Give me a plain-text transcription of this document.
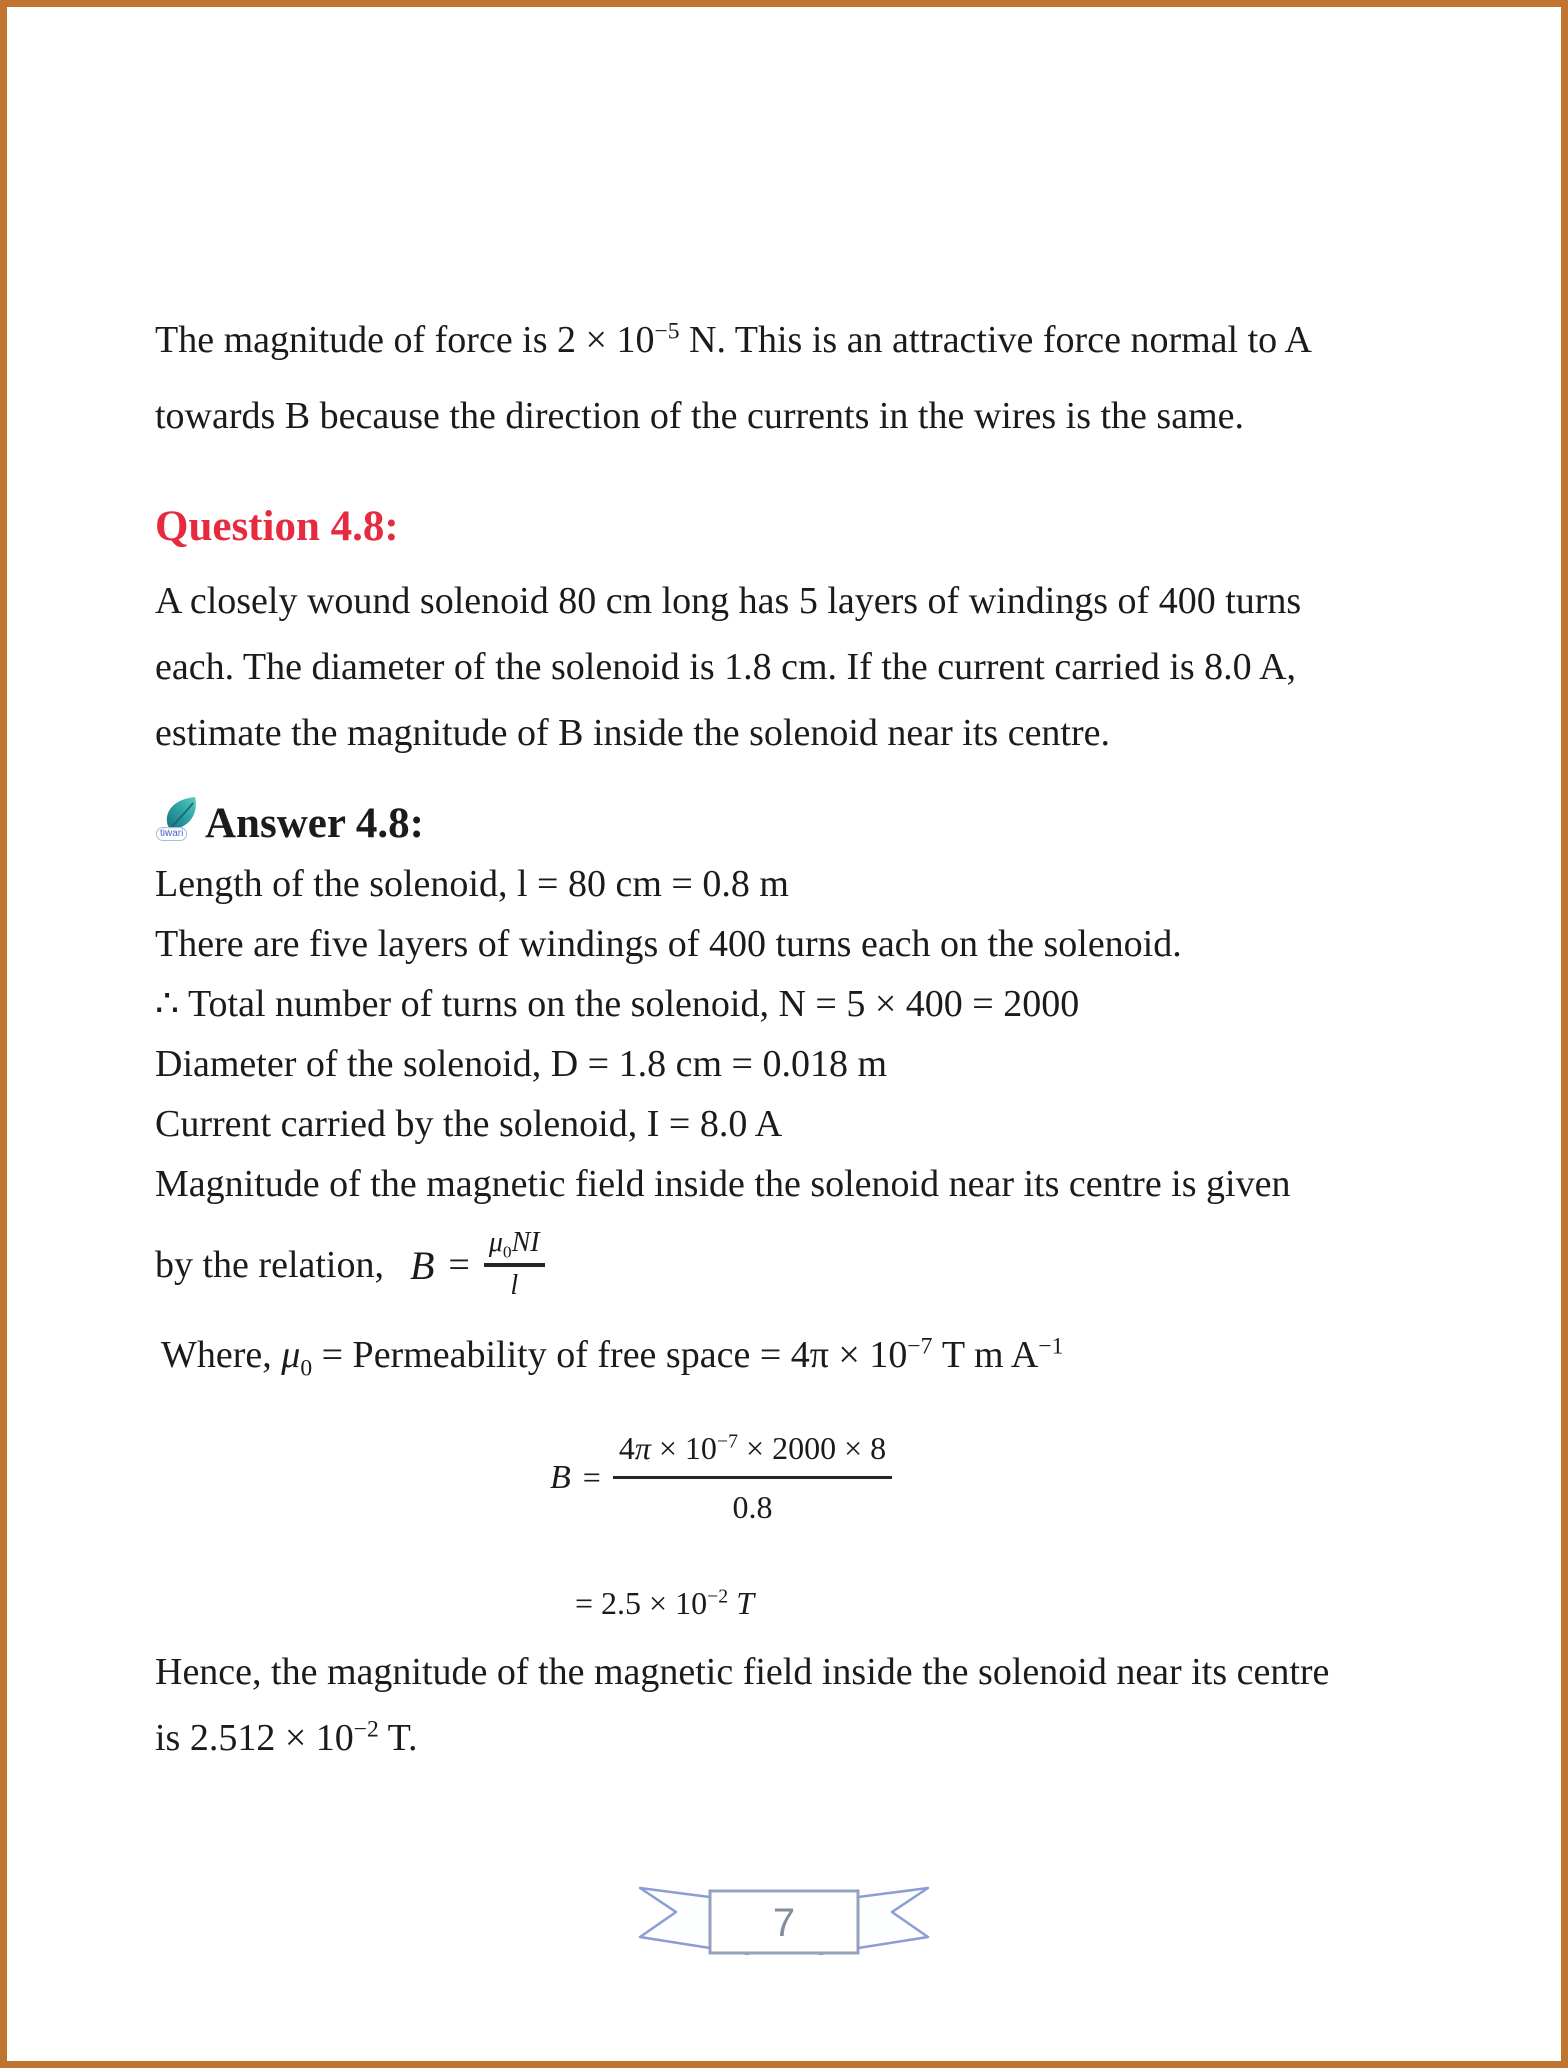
The magnitude of force is $2 \times 10^{-5}$ N. This is an attractive force normal to A
towards B because the direction of the currents in the wires is the same.

Question 4.8:

A closely wound solenoid 80 cm long has 5 layers of windings of 400 turns
each. The diameter of the solenoid is 1.8 cm. If the current carried is 8.0 A,
estimate the magnitude of B inside the solenoid near its centre.

tiwari Answer 4.8:

Length of the solenoid, l = 80 cm = 0.8 m

There are five layers of windings of 400 turns each on the solenoid.

∴ Total number of turns on the solenoid, N = 5 × 400 = 2000

Diameter of the solenoid, D = 1.8 cm = 0.018 m

Current carried by the solenoid, I = 8.0 A

Magnitude of the magnetic field inside the solenoid near its centre is given

by the relation, $B = \frac{\mu_0NI}{l}$

Where, $\mu_0$ = Permeability of free space = $4\pi \times 10^{-7}$ T m $A^{-1}$

$B = \frac{4\pi \times 10^{-7} \times 2000 \times 8}{0.8}$

= $2.5 \times 10^{-2}$ T

Hence, the magnitude of the magnetic field inside the solenoid near its centre
is $2.512 \times 10^{-2}$ T.

7
